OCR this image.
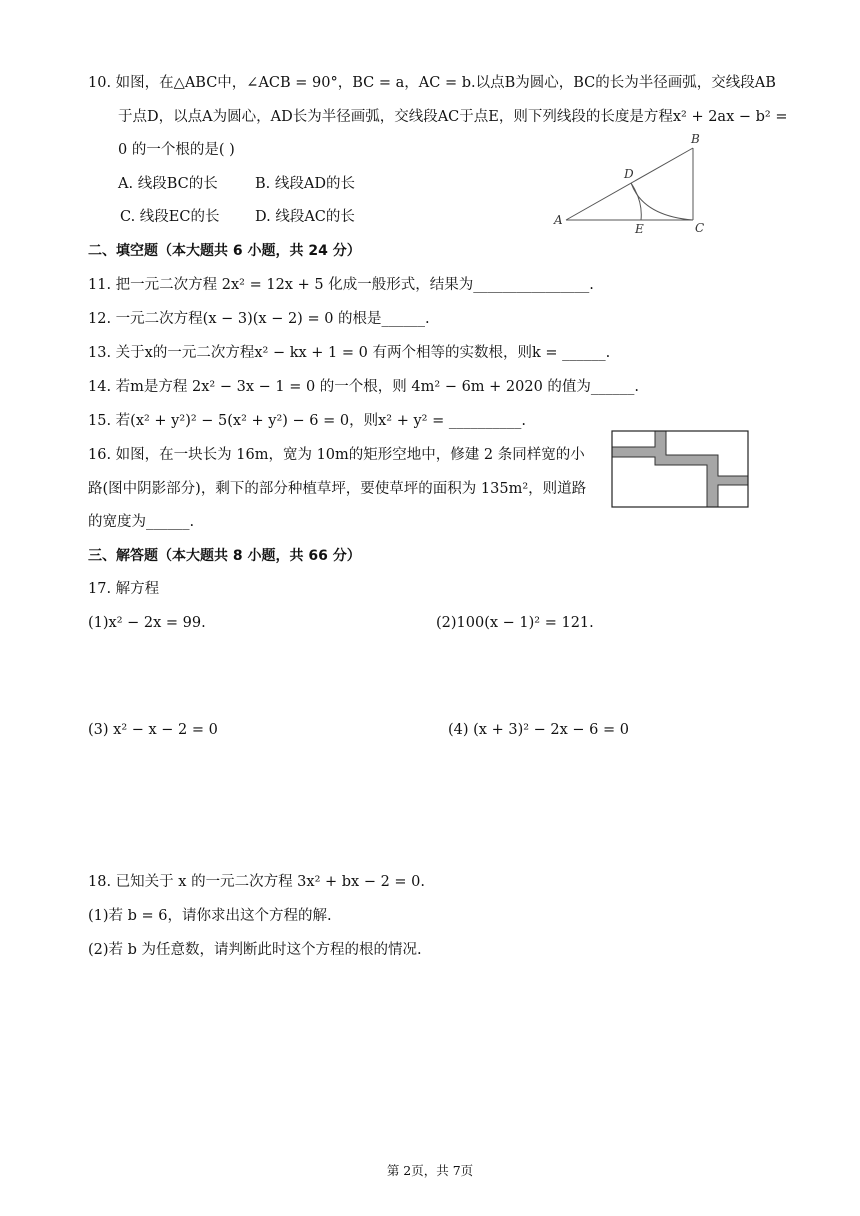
10. 如图，在△ABC中，∠ACB = 90°，BC = a，AC = b.以点B为圆心，BC的长为半径画弧，交线段AB
于点D，以点A为圆心，AD长为半径画弧，交线段AC于点E，则下列线段的长度是方程x² + 2ax − b² =
0 的一个根的是( )
A. 线段BC的长	B. 线段AD的长
C. 线段EC的长 D. 线段AC的长	A
B
C
D
E
二、填空题（本大题共 6 小题，共 24 分）
11. 把一元二次方程 2x² = 12x + 5 化成一般形式，结果为________________.
12. 一元二次方程(x − 3)(x − 2) = 0 的根是______.
13. 关于x的一元二次方程x² − kx + 1 = 0 有两个相等的实数根，则k = ______.
14. 若m是方程 2x² − 3x − 1 = 0 的一个根，则 4m² − 6m + 2020 的值为______.
15. 若(x² + y²)² − 5(x² + y²) − 6 = 0，则x² + y² = __________.
16. 如图，在一块长为 16m，宽为 10m的矩形空地中，修建 2 条同样宽的小
路(图中阴影部分)，剩下的部分种植草坪，要使草坪的面积为 135m²，则道路
的宽度为______.
三、解答题（本大题共 8 小题，共 66 分）
17. 解方程
(1)x² − 2x = 99.	(2)100(x − 1)² = 121.
(3) x² − x − 2 = 0	(4) (x + 3)² − 2x − 6 = 0
18. 已知关于 x 的一元二次方程 3x² + bx − 2 = 0.
(1)若 b = 6，请你求出这个方程的解.
(2)若 b 为任意数，请判断此时这个方程的根的情况.
第 2页，共 7页
